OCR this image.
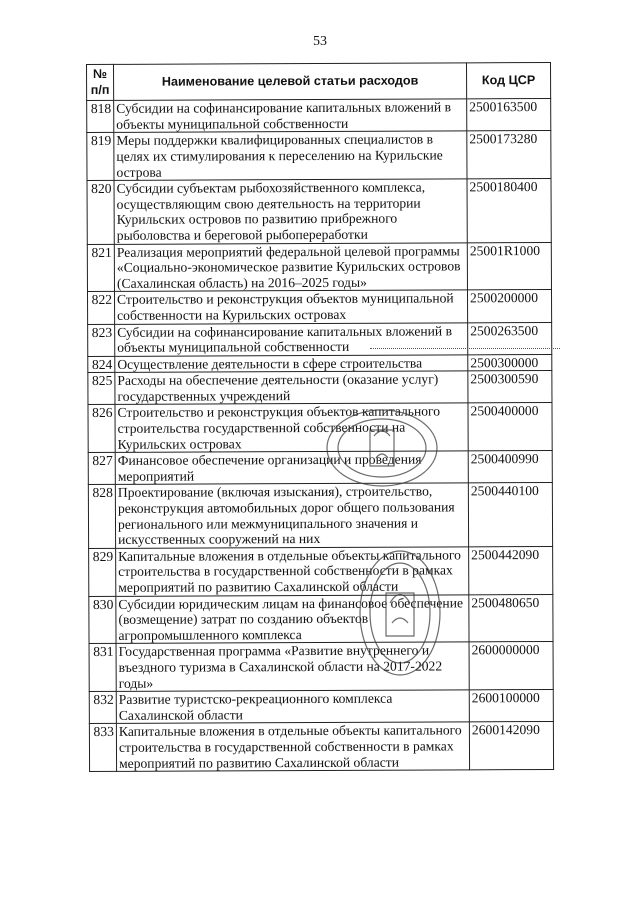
53
№ п/п	Наименование целевой статьи расходов	Код ЦСР
818	Субсидии на софинансирование капитальных вложений в объекты муниципальной собственности	2500163500
819	Меры поддержки квалифицированных специалистов в целях их стимулирования к переселению на Курильские острова	2500173280
820	Субсидии субъектам рыбохозяйственного комплекса, осуществляющим свою деятельность на территории Курильских островов по развитию прибрежного рыболовства и береговой рыбопереработки	2500180400
821	Реализация мероприятий федеральной целевой программы «Социально-экономическое развитие Курильских островов (Сахалинская область) на 2016–2025 годы»	25001R1000
822	Строительство и реконструкция объектов муниципальной собственности на Курильских островах	2500200000
823	Субсидии на софинансирование капитальных вложений в объекты муниципальной собственности	2500263500
824	Осуществление деятельности в сфере строительства	2500300000
825	Расходы на обеспечение деятельности (оказание услуг) государственных учреждений	2500300590
826	Строительство и реконструкция объектов капитального строительства государственной собственности на Курильских островах	2500400000
827	Финансовое обеспечение организации и проведения мероприятий	2500400990
828	Проектирование (включая изыскания), строительство, реконструкция автомобильных дорог общего пользования регионального или межмуниципального значения и искусственных сооружений на них	2500440100
829	Капитальные вложения в отдельные объекты капитального строительства в государственной собственности в рамках мероприятий по развитию Сахалинской области	2500442090
830	Субсидии юридическим лицам на финансовое обеспечение (возмещение) затрат по созданию объектов агропромышленного комплекса	2500480650
831	Государственная программа «Развитие внутреннего и въездного туризма в Сахалинской области на 2017-2022 годы»	2600000000
832	Развитие туристско-рекреационного комплекса Сахалинской области	2600100000
833	Капитальные вложения в отдельные объекты капитального строительства в государственной собственности в рамках мероприятий по развитию Сахалинской области	2600142090
